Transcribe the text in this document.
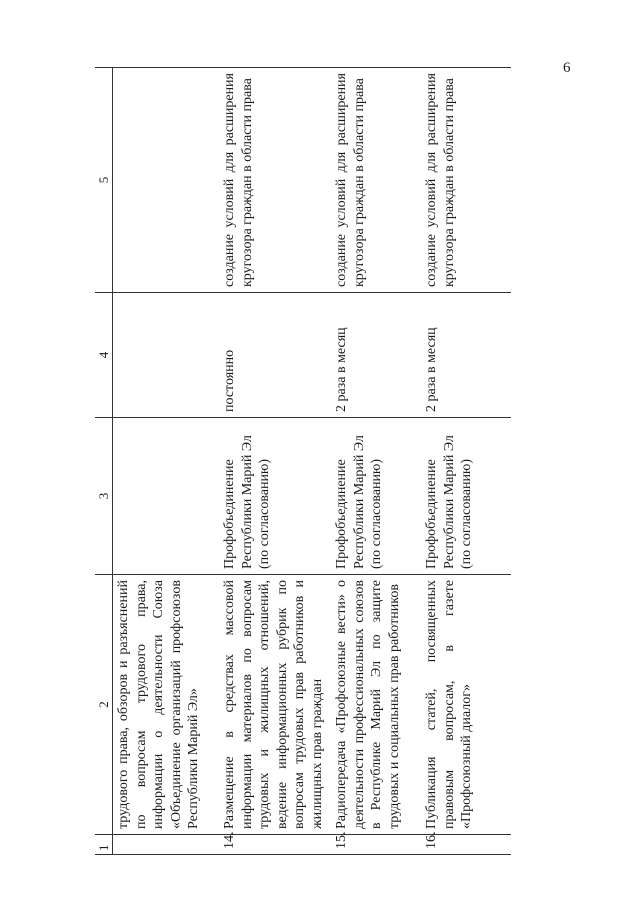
6
1	2	3	4	5
	трудового права, обзоров и разъяснений по вопросам трудового права, информации о деятельности Союза «Объединение организаций профсоюзов Республики Марий Эл»			
14.	Размещение в средствах массовой информации материалов по вопросам трудовых и жилищных отношений, ведение информационных рубрик по вопросам трудовых прав работников и жилищных прав граждан	Профобъединение Республики Марий Эл (по согласованию)	постоянно	создание условий для расширения кругозора граждан в области права
15.	Радиопередача «Профсоюзные вести» о деятельности профессиональных союзов в Республике Марий Эл по защите трудовых и социальных прав работников	Профобъединение Республики Марий Эл (по согласованию)	2 раза в месяц	создание условий для расширения кругозора граждан в области права
16.	Публикация статей, посвященных правовым вопросам, в газете «Профсоюзный диалог»	Профобъединение Республики Марий Эл (по согласованию)	2 раза в месяц	создание условий для расширения кругозора граждан в области права
